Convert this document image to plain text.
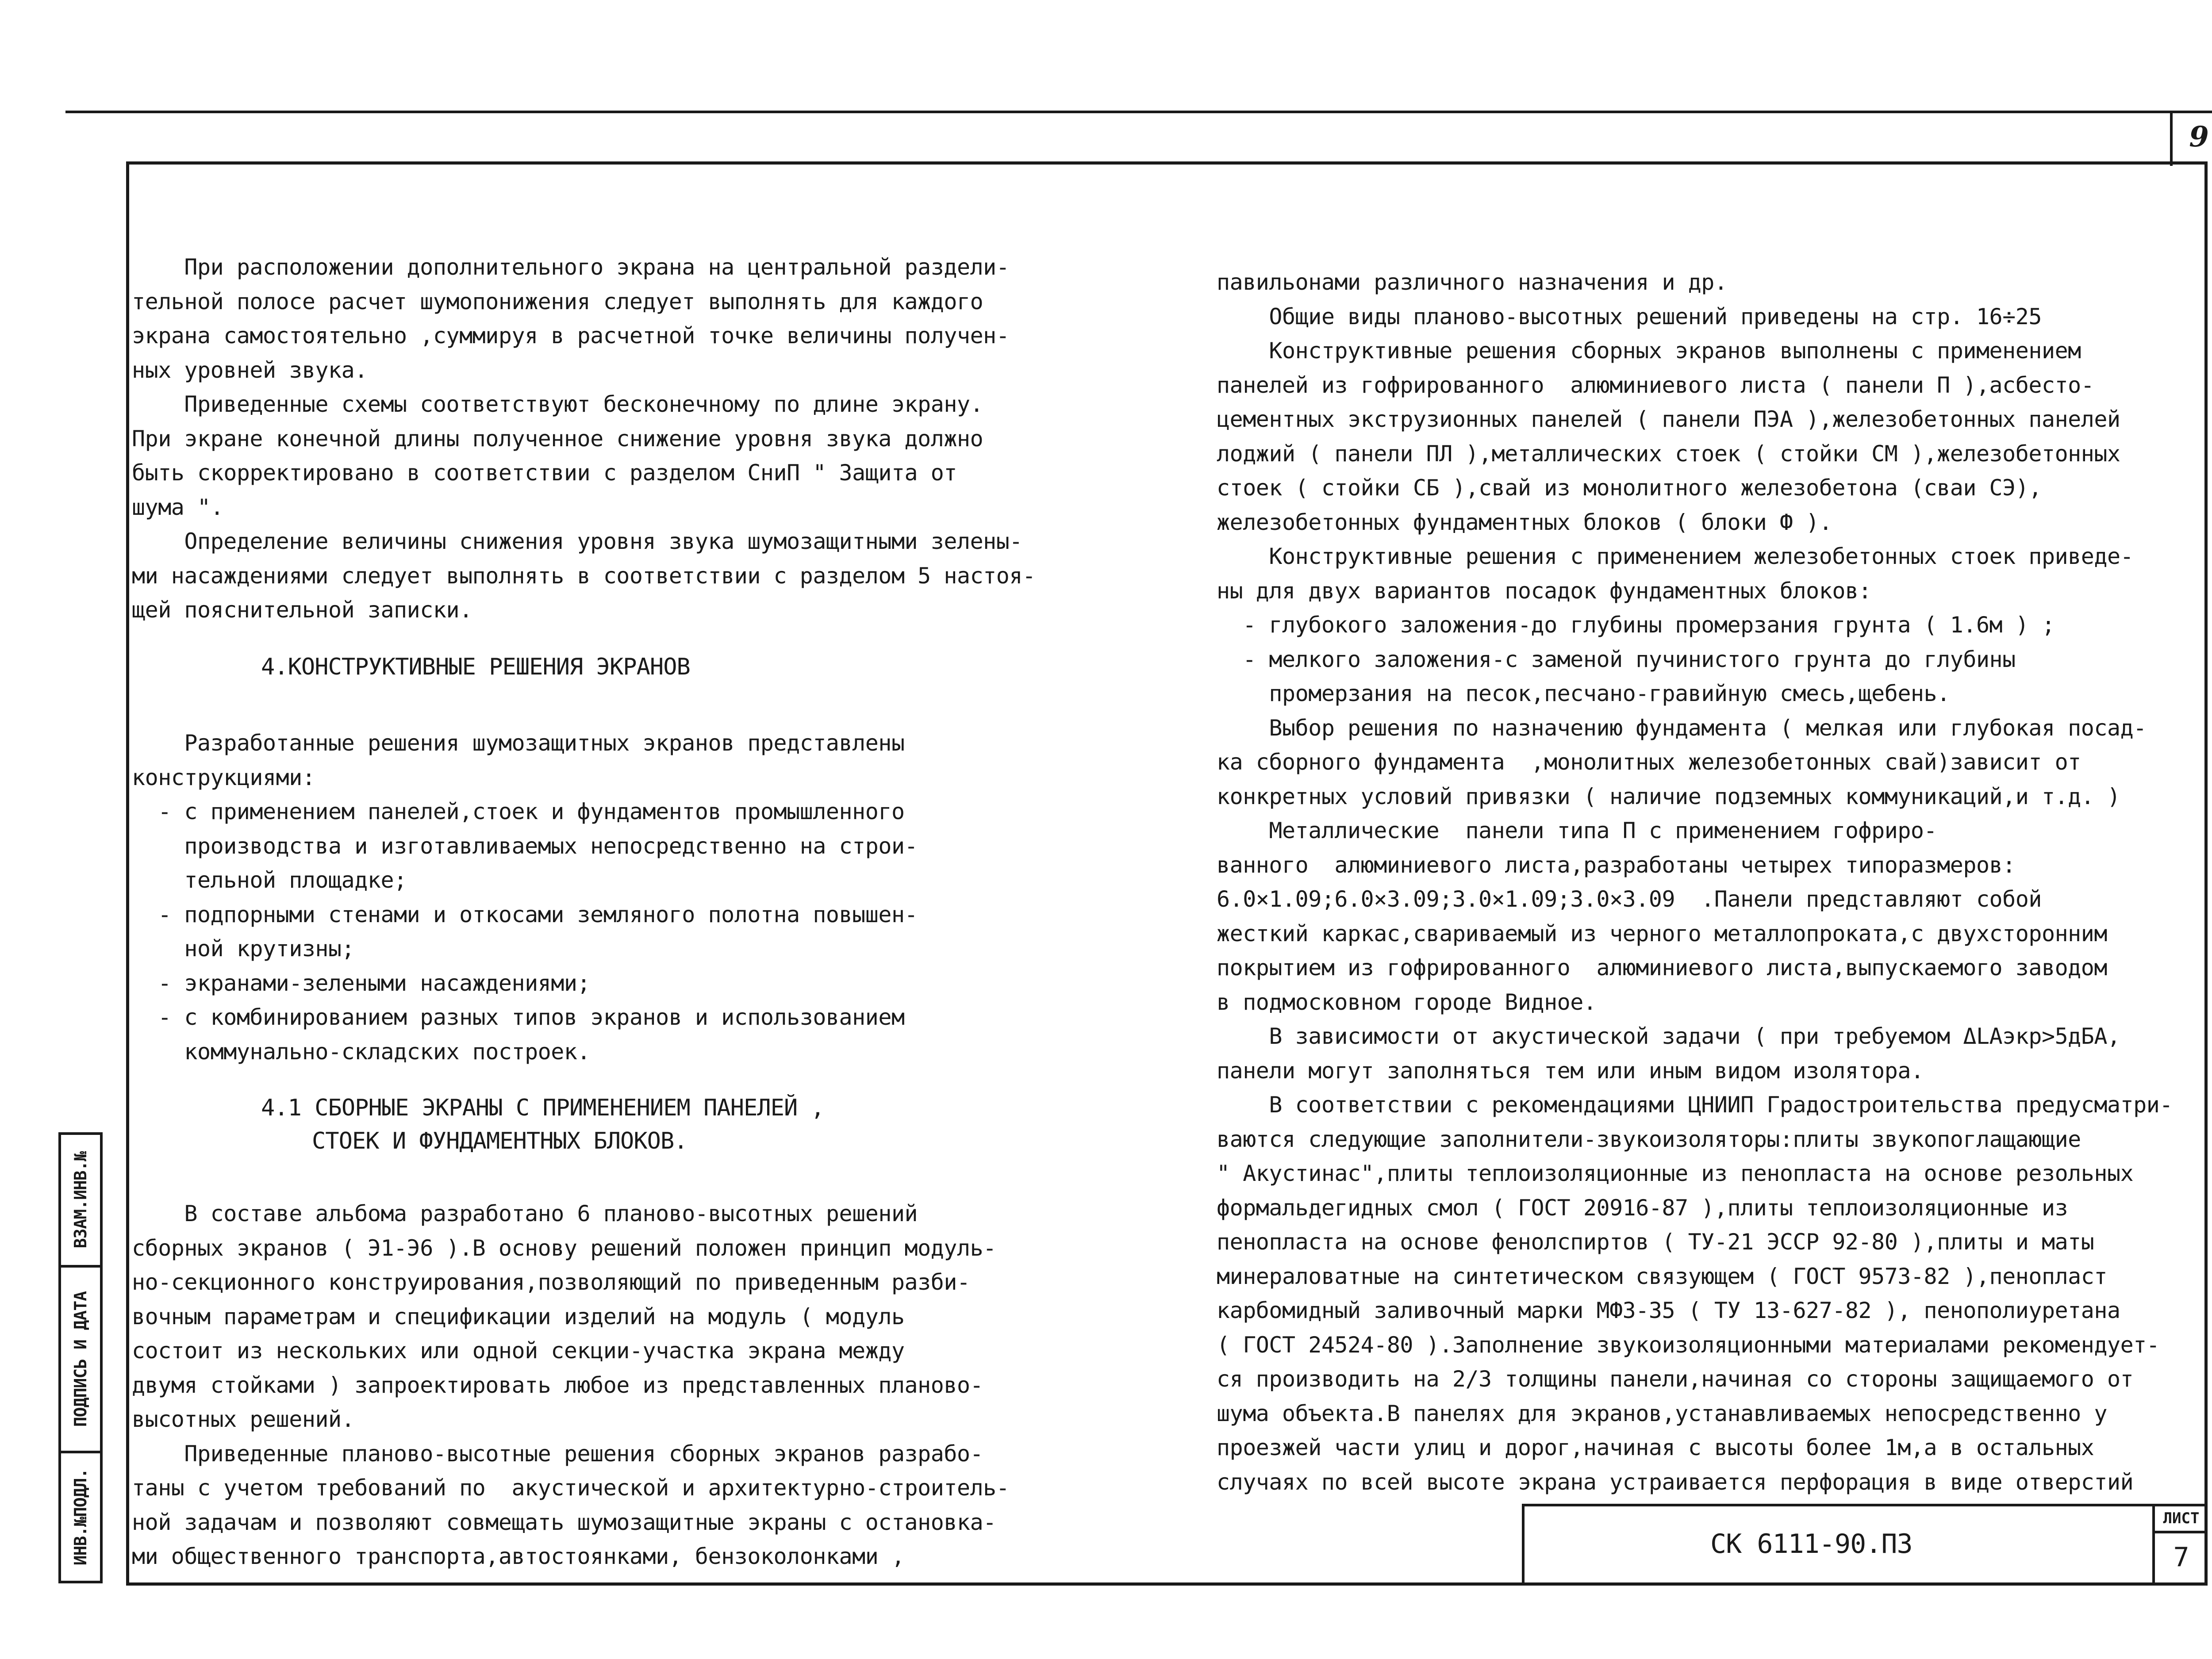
9

При расположении дополнительного экрана на центральной раздели-

тельной полосе расчет шумопонижения следует выполнять для каждого

экрана самостоятельно ,суммируя в расчетной точке величины получен-

ных уровней звука.

Приведенные схемы соответствуют бесконечному по длине экрану.

При экране конечной длины полученное снижение уровня звука должно

быть скорректировано в соответствии с разделом СниП " Защита от

шума ".

Определение величины снижения уровня звука шумозащитными зелены-

ми насаждениями следует выполнять в соответствии с разделом 5 настоя-

щей пояснительной записки.

4.КОНСТРУКТИВНЫЕ РЕШЕНИЯ ЭКРАНОВ

Разработанные решения шумозащитных экранов представлены

конструкциями:

- с применением панелей,стоек и фундаментов промышленного

производства и изготавливаемых непосредственно на строи-

тельной площадке;

- подпорными стенами и откосами земляного полотна повышен-

ной крутизны;

- экранами-зелеными насаждениями;

- с комбинированием разных типов экранов и использованием

коммунально-складских построек.

4.1 СБОРНЫЕ ЭКРАНЫ С ПРИМЕНЕНИЕМ ПАНЕЛЕЙ ,
СТОЕК И ФУНДАМЕНТНЫХ БЛОКОВ.

В составе альбома разработано 6 планово-высотных решений

сборных экранов ( Э1-Э6 ).В основу решений положен принцип модуль-

но-секционного конструирования,позволяющий по приведенным разби-

вочным параметрам и спецификации изделий на модуль ( модуль

состоит из нескольких или одной секции-участка экрана между

двумя стойками ) запроектировать любое из представленных планово-

высотных решений.

Приведенные планово-высотные решения сборных экранов разрабо-

таны с учетом требований по  акустической и архитектурно-строитель-

ной задачам и позволяют совмещать шумозащитные экраны с остановка-

ми общественного транспорта,автостоянками, бензоколонками ,

павильонами различного назначения и др.

Общие виды планово-высотных решений приведены на стр. 16÷25

Конструктивные решения сборных экранов выполнены с применением

панелей из гофрированного  алюминиевого листа ( панели П ),асбесто-

цементных экструзионных панелей ( панели ПЭА ),железобетонных панелей

лоджий ( панели ПЛ ),металлических стоек ( стойки СМ ),железобетонных

стоек ( стойки СБ ),свай из монолитного железобетона (сваи СЭ),

железобетонных фундаментных блоков ( блоки Ф ).

Конструктивные решения с применением железобетонных стоек приведе-

ны для двух вариантов посадок фундаментных блоков:

- глубокого заложения-до глубины промерзания грунта ( 1.6м ) ;

- мелкого заложения-с заменой пучинистого грунта до глубины

промерзания на песок,песчано-гравийную смесь,щебень.

Выбор решения по назначению фундамента ( мелкая или глубокая посад-

ка сборного фундамента  ,монолитных железобетонных свай)зависит от

конкретных условий привязки ( наличие подземных коммуникаций,и т.д. )

Металлические  панели типа П с применением гофриро-

ванного  алюминиевого листа,разработаны четырех типоразмеров:

6.0×1.09;6.0×3.09;3.0×1.09;3.0×3.09  .Панели представляют собой

жесткий каркас,свариваемый из черного металлопроката,с двухсторонним

покрытием из гофрированного  алюминиевого листа,выпускаемого заводом

в подмосковном городе Видное.

В зависимости от акустической задачи ( при требуемом ΔLАэкр>5дБА,

панели могут заполняться тем или иным видом изолятора.

В соответствии с рекомендациями ЦНИИП Градостроительства предусматри-

ваются следующие заполнители-звукоизоляторы:плиты звукопоглащающие

" Акустинас",плиты теплоизоляционные из пенопласта на основе резольных

формальдегидных смол ( ГОСТ 20916-87 ),плиты теплоизоляционные из

пенопласта на основе фенолспиртов ( ТУ-21 ЭССР 92-80 ),плиты и маты

минераловатные на синтетическом связующем ( ГОСТ 9573-82 ),пенопласт

карбомидный заливочный марки МФЗ-35 ( ТУ 13-627-82 ), пенополиуретана

( ГОСТ 24524-80 ).Заполнение звукоизоляционными материалами рекомендует-

ся производить на 2/3 толщины панели,начиная со стороны защищаемого от

шума объекта.В панелях для экранов,устанавливаемых непосредственно у

проезжей части улиц и дорог,начиная с высоты более 1м,а в остальных

случаях по всей высоте экрана устраивается перфорация в виде отверстий

ВЗАМ.ИНВ.№
ПОДПИСЬ И ДАТА
ИНВ.№ПОДЛ.	СК 6111-90.ПЗ
ЛИСТ
7
